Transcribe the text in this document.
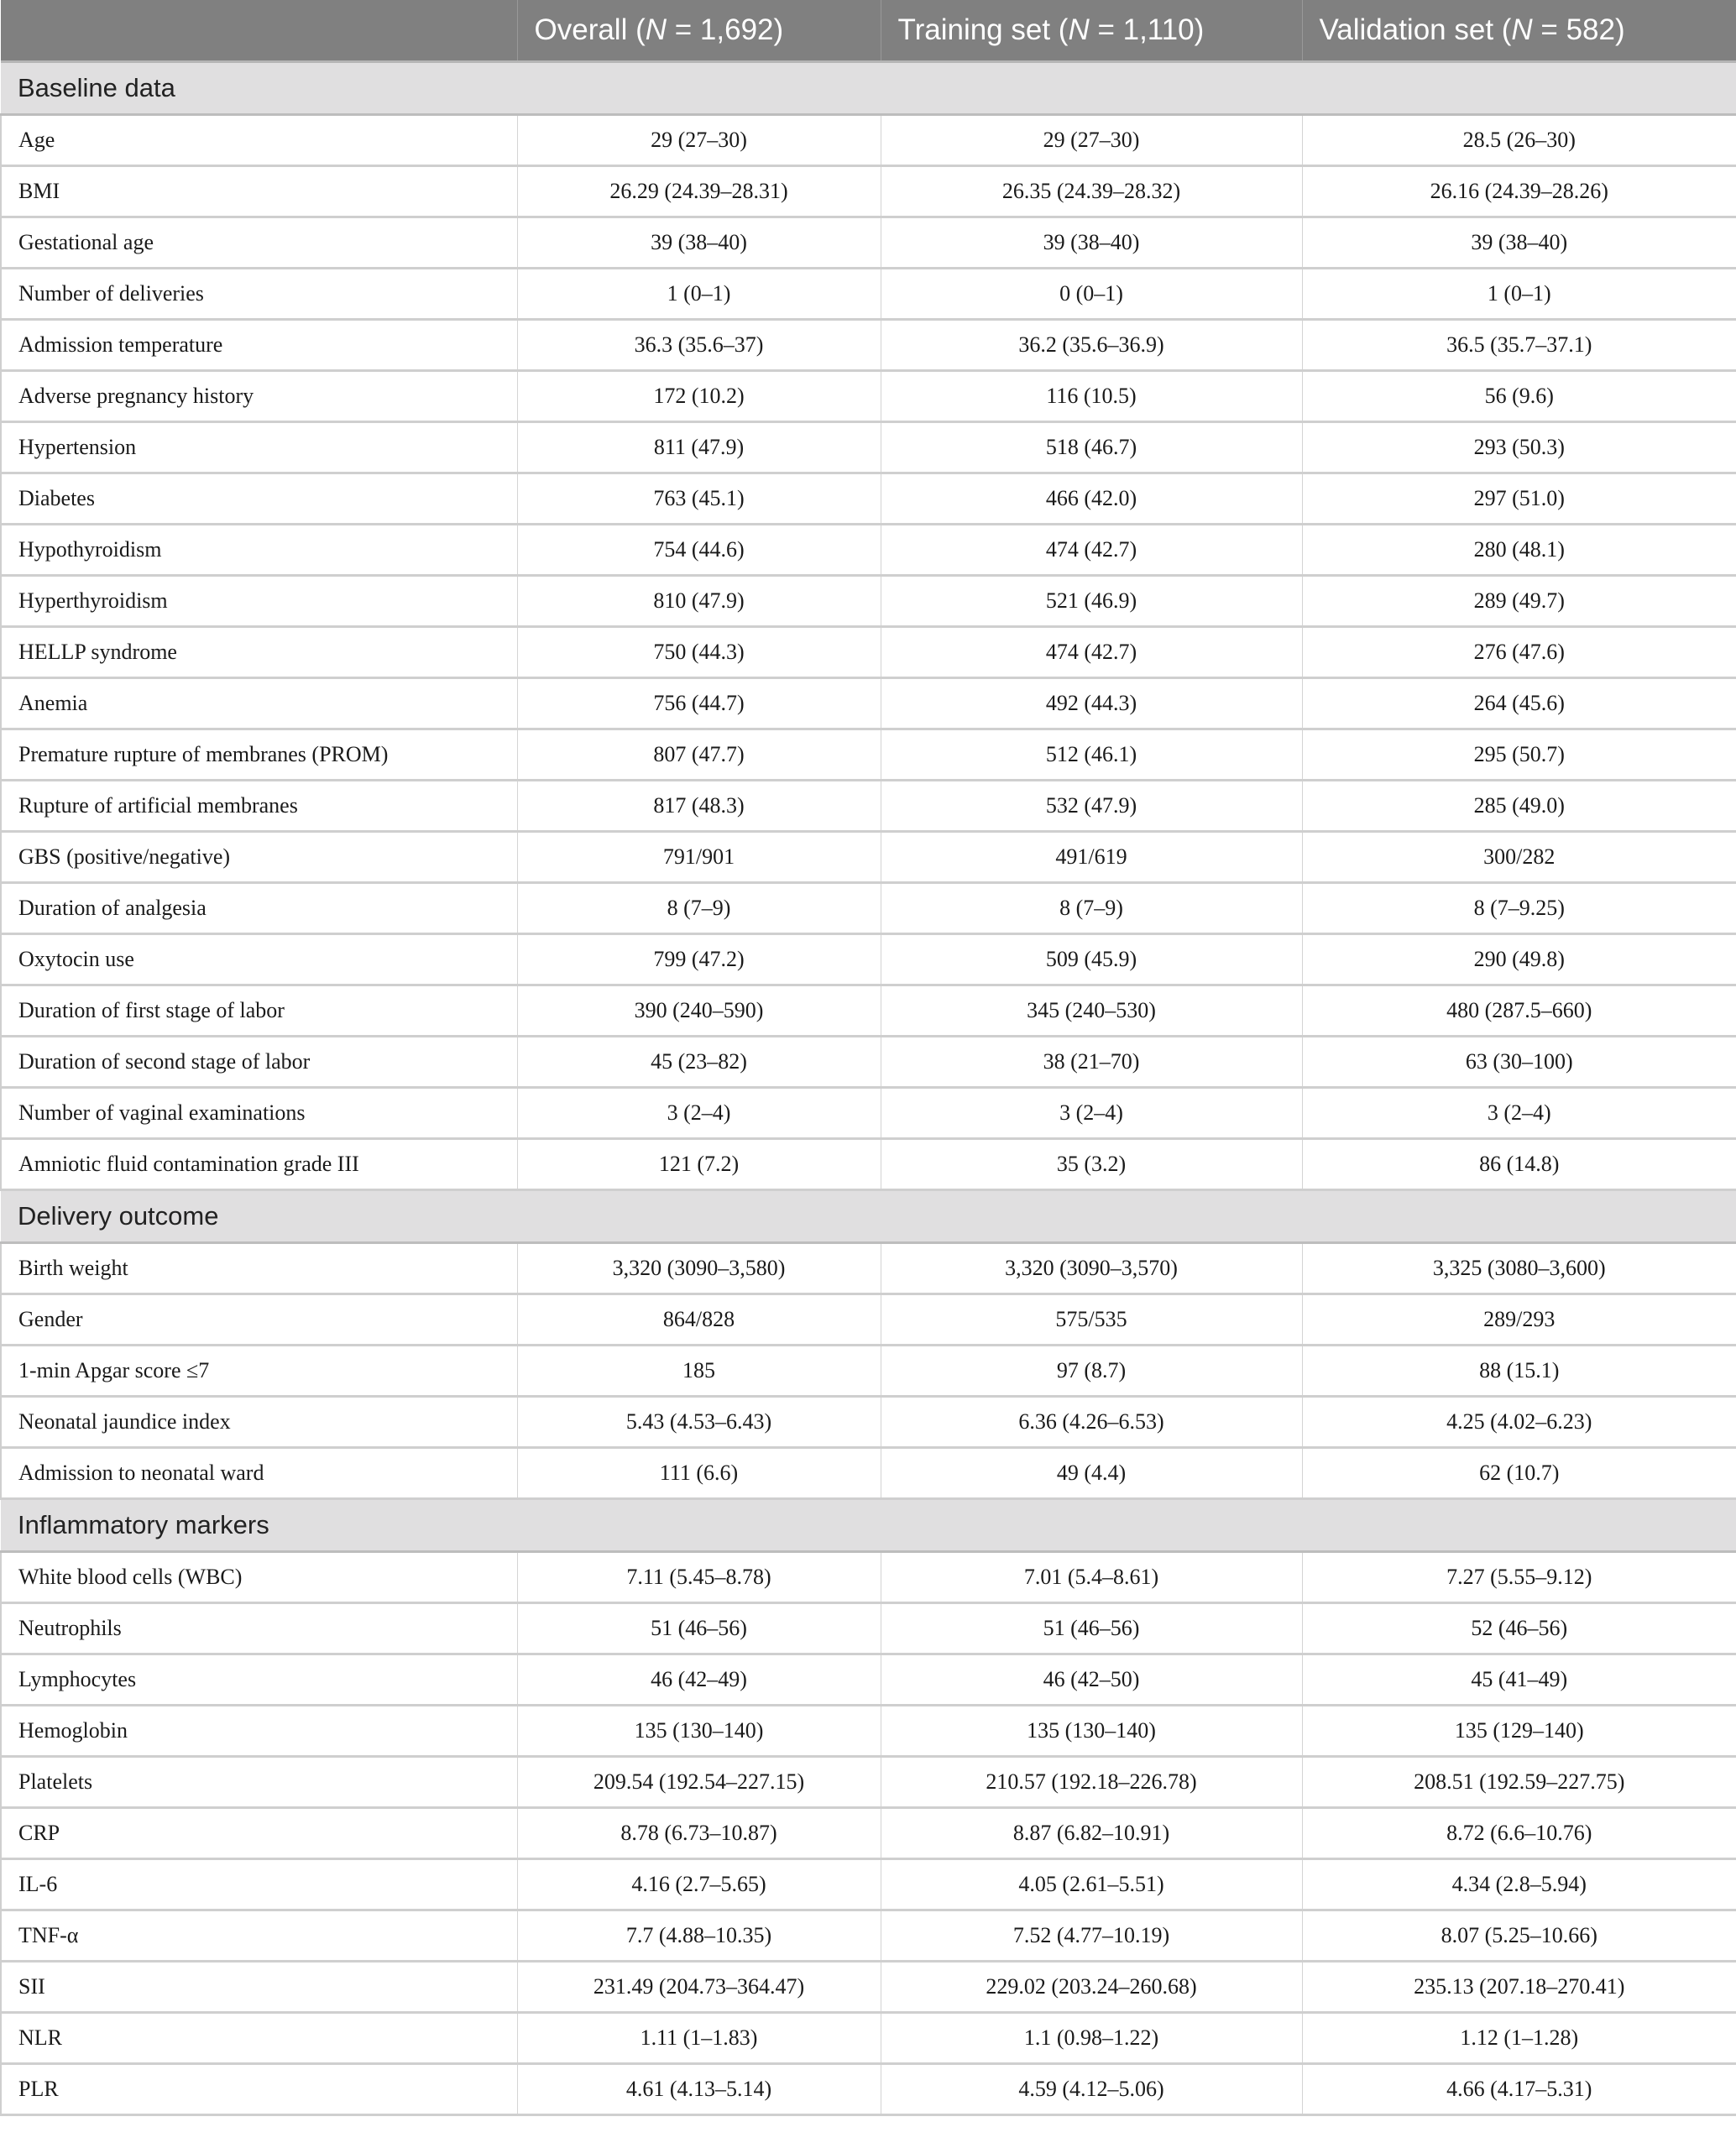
	Overall (N = 1,692)	Training set (N = 1,110)	Validation set (N = 582)
Baseline data			
Age	29 (27–30)	29 (27–30)	28.5 (26–30)
BMI	26.29 (24.39–28.31)	26.35 (24.39–28.32)	26.16 (24.39–28.26)
Gestational age	39 (38–40)	39 (38–40)	39 (38–40)
Number of deliveries	1 (0–1)	0 (0–1)	1 (0–1)
Admission temperature	36.3 (35.6–37)	36.2 (35.6–36.9)	36.5 (35.7–37.1)
Adverse pregnancy history	172 (10.2)	116 (10.5)	56 (9.6)
Hypertension	811 (47.9)	518 (46.7)	293 (50.3)
Diabetes	763 (45.1)	466 (42.0)	297 (51.0)
Hypothyroidism	754 (44.6)	474 (42.7)	280 (48.1)
Hyperthyroidism	810 (47.9)	521 (46.9)	289 (49.7)
HELLP syndrome	750 (44.3)	474 (42.7)	276 (47.6)
Anemia	756 (44.7)	492 (44.3)	264 (45.6)
Premature rupture of membranes (PROM)	807 (47.7)	512 (46.1)	295 (50.7)
Rupture of artificial membranes	817 (48.3)	532 (47.9)	285 (49.0)
GBS (positive/negative)	791/901	491/619	300/282
Duration of analgesia	8 (7–9)	8 (7–9)	8 (7–9.25)
Oxytocin use	799 (47.2)	509 (45.9)	290 (49.8)
Duration of first stage of labor	390 (240–590)	345 (240–530)	480 (287.5–660)
Duration of second stage of labor	45 (23–82)	38 (21–70)	63 (30–100)
Number of vaginal examinations	3 (2–4)	3 (2–4)	3 (2–4)
Amniotic fluid contamination grade III	121 (7.2)	35 (3.2)	86 (14.8)
Delivery outcome			
Birth weight	3,320 (3090–3,580)	3,320 (3090–3,570)	3,325 (3080–3,600)
Gender	864/828	575/535	289/293
1-min Apgar score ≤7	185	97 (8.7)	88 (15.1)
Neonatal jaundice index	5.43 (4.53–6.43)	6.36 (4.26–6.53)	4.25 (4.02–6.23)
Admission to neonatal ward	111 (6.6)	49 (4.4)	62 (10.7)
Inflammatory markers			
White blood cells (WBC)	7.11 (5.45–8.78)	7.01 (5.4–8.61)	7.27 (5.55–9.12)
Neutrophils	51 (46–56)	51 (46–56)	52 (46–56)
Lymphocytes	46 (42–49)	46 (42–50)	45 (41–49)
Hemoglobin	135 (130–140)	135 (130–140)	135 (129–140)
Platelets	209.54 (192.54–227.15)	210.57 (192.18–226.78)	208.51 (192.59–227.75)
CRP	8.78 (6.73–10.87)	8.87 (6.82–10.91)	8.72 (6.6–10.76)
IL-6	4.16 (2.7–5.65)	4.05 (2.61–5.51)	4.34 (2.8–5.94)
TNF-α	7.7 (4.88–10.35)	7.52 (4.77–10.19)	8.07 (5.25–10.66)
SII	231.49 (204.73–364.47)	229.02 (203.24–260.68)	235.13 (207.18–270.41)
NLR	1.11 (1–1.83)	1.1 (0.98–1.22)	1.12 (1–1.28)
PLR	4.61 (4.13–5.14)	4.59 (4.12–5.06)	4.66 (4.17–5.31)
